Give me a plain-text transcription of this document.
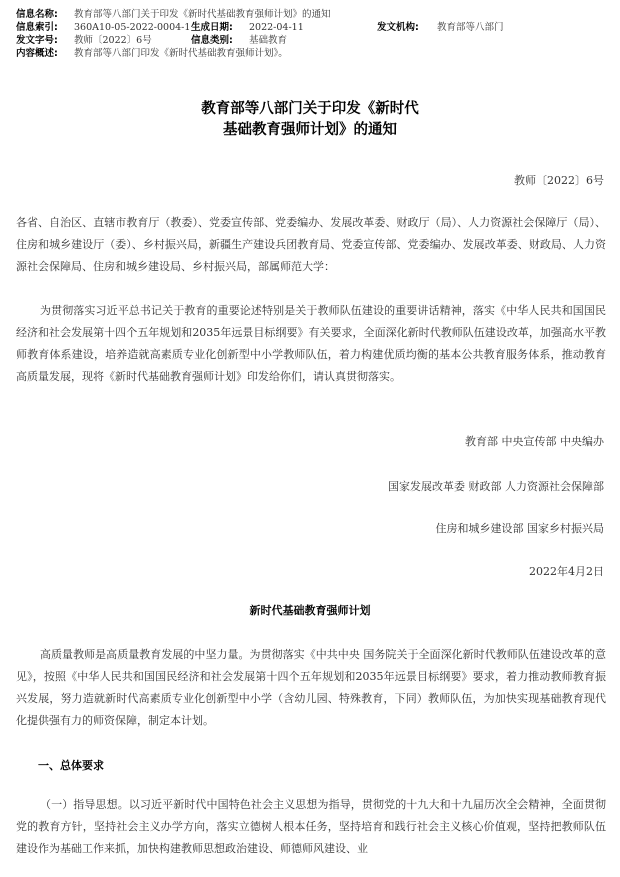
信息名称:	教育部等八部门关于印发《新时代基础教育强师计划》的通知
信息索引:	360A10-05-2022-0004-1 生成日期:	2022-04-11	发文机构:	教育部等八部门
发文字号:	教师〔2022〕6号	信息类别:	基础教育
内容概述:	教育部等八部门印发《新时代基础教育强师计划》。
教育部等八部门关于印发《新时代
基础教育强师计划》的通知
教师〔2022〕6号

各省、自治区、直辖市教育厅（教委）、党委宣传部、党委编办、发展改革委、财政厅（局）、人力资源社会保障厅（局）、住房和城乡建设厅（委）、乡村振兴局，新疆生产建设兵团教育局、党委宣传部、党委编办、发展改革委、财政局、人力资源社会保障局、住房和城乡建设局、乡村振兴局，部属师范大学：

为贯彻落实习近平总书记关于教育的重要论述特别是关于教师队伍建设的重要讲话精神，落实《中华人民共和国国民经济和社会发展第十四个五年规划和2035年远景目标纲要》有关要求，全面深化新时代教师队伍建设改革，加强高水平教师教育体系建设，培养造就高素质专业化创新型中小学教师队伍，着力构建优质均衡的基本公共教育服务体系，推动教育高质量发展，现将《新时代基础教育强师计划》印发给你们，请认真贯彻落实。

教育部 中央宣传部 中央编办
国家发展改革委 财政部 人力资源社会保障部
住房和城乡建设部 国家乡村振兴局
2022年4月2日
新时代基础教育强师计划

高质量教师是高质量教育发展的中坚力量。为贯彻落实《中共中央 国务院关于全面深化新时代教师队伍建设改革的意见》，按照《中华人民共和国国民经济和社会发展第十四个五年规划和2035年远景目标纲要》要求，着力推动教师教育振兴发展，努力造就新时代高素质专业化创新型中小学（含幼儿园、特殊教育，下同）教师队伍，为加快实现基础教育现代化提供强有力的师资保障，制定本计划。

一、总体要求

（一）指导思想。以习近平新时代中国特色社会主义思想为指导，贯彻党的十九大和十九届历次全会精神，全面贯彻党的教育方针，坚持社会主义办学方向，落实立德树人根本任务，坚持培育和践行社会主义核心价值观，坚持把教师队伍建设作为基础工作来抓，加快构建教师思想政治建设、师德师风建设、业
